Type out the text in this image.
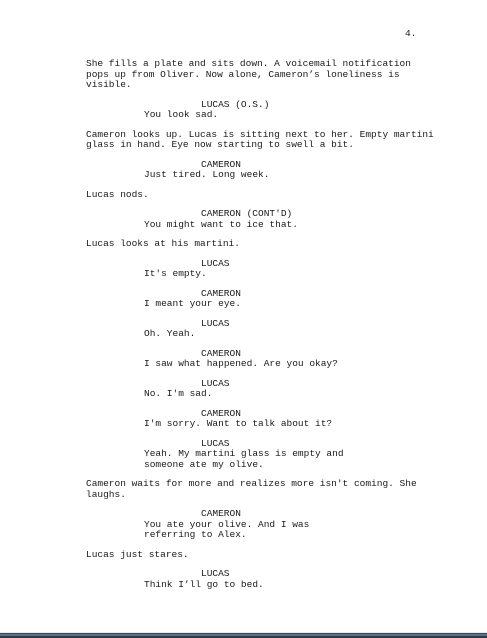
4.
She fills a plate and sits down. A voicemail notification
pops up from Oliver. Now alone, Cameron’s loneliness is
visible.
LUCAS (O.S.)
You look sad.
Cameron looks up. Lucas is sitting next to her. Empty martini
glass in hand. Eye now starting to swell a bit.
CAMERON
Just tired. Long week.
Lucas nods.
CAMERON (CONT'D)
You might want to ice that.
Lucas looks at his martini.
LUCAS
It's empty.
CAMERON
I meant your eye.
LUCAS
Oh. Yeah.
CAMERON
I saw what happened. Are you okay?
LUCAS
No. I'm sad.
CAMERON
I'm sorry. Want to talk about it?
LUCAS
Yeah. My martini glass is empty and
someone ate my olive.
Cameron waits for more and realizes more isn't coming. She
laughs.
CAMERON
You ate your olive. And I was
referring to Alex.
Lucas just stares.
LUCAS
Think I’ll go to bed.
